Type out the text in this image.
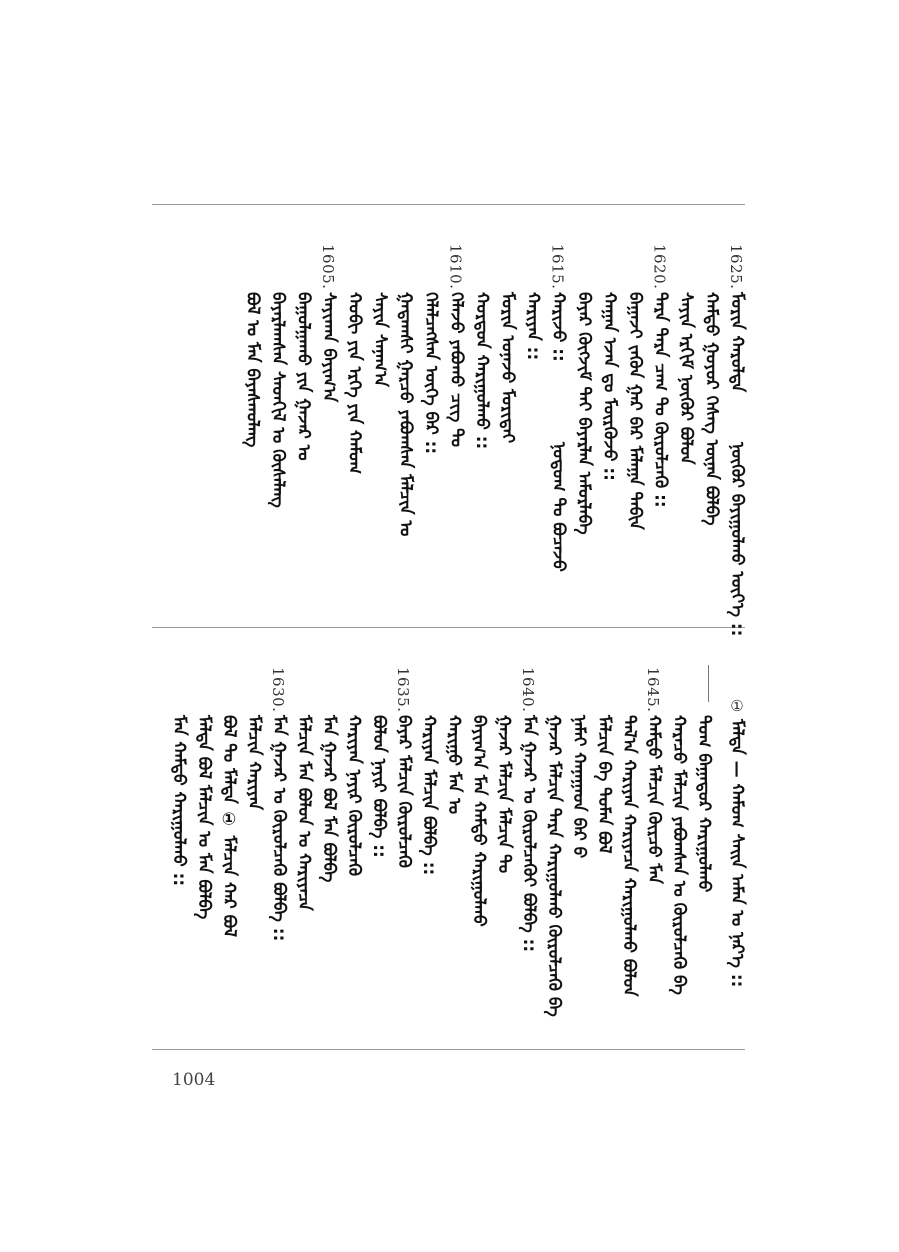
1625.
ᠮᠣᠷᠢᠨ ᠬᠠᠷᠤᠯᠲᠠ
ᠨᠥᠬᠦᠷ ᠪᠠᠶᠢᠭᠤᠯᠬᠤ ᠦᠶ᠎ᠡ ::
ᠬᠠᠮᠲᠤ ᠭᠤᠶᠤᠷ ᠬᠡᠰᠡᠭ ᠦᠨᠡᠨ ᠪᠣᠯᠪᠠ
ᠰᠠᠶᠢᠨ ᠡᠷᠬᠢᠮ ᠨᠥᠬᠦᠷ ᠪᠣᠯᠤᠨ
1620.
ᠲᠡᠷᠡ ᠲᠡᠷᠡ ᠴᠠᠭ ᠲᠤ ᠬᠦᠷᠦᠯᠴᠡᠬᠦ ::
ᠪᠠᠭᠠᠵᠢ ᠵᠡᠭᠦᠨ ᠭᠠᠷ ᠪᠡᠷ ᠮᠠᠯᠠᠭᠠ ᠲᠠᠪᠢᠨ
ᠬᠠᠭᠠᠨ ᠡᠵᠡᠨ ᠳᠤ ᠮᠦᠷᠭᠦᠵᠦ ::
ᠪᠠᠶᠠᠷ ᠬᠥᠭᠵᠢᠮ ᠲᠠᠢ ᠪᠠᠶᠠᠷᠯᠠᠨ ᠠᠮᠤᠷᠯᠠᠪᠠ
1615.
ᠬᠠᠷᠢᠵᠤ ::
ᠨᠤᠲᠤᠭ ᠲᠤ ᠪᠤᠴᠠᠵᠤ
ᠬᠠᠷᠢᠶᠠᠨ ::
ᠮᠣᠷᠢᠨ ᠤᠨᠠᠵᠤ ᠮᠣᠷᠢᠲᠠᠢ
ᠬᠤᠷᠳᠤᠨ ᠬᠠᠷᠢᠭᠤᠯᠬᠤ ::
1610.
ᠬᠡᠯᠡᠵᠦ ᠶᠠᠪᠤᠬᠤ ᠴᠢᠭ ᠲᠤ
ᠬᠡᠯᠡᠯᠴᠡᠭᠰᠡᠨ ᠦᠭᠡ ᠪᠡᠷ ::
ᠭᠠᠳᠠᠭᠰᠢ ᠭᠠᠷᠴᠤ ᠶᠠᠪᠤᠭᠰᠠᠨ ᠮᠠᠯᠴᠢᠨ ᠤ
ᠰᠠᠶᠢᠨ ᠰᠠᠨᠠᠭ᠎ᠠ
ᠬᠤᠪᠢ ᠶᠢᠨ ᠡᠷᠬᠡ ᠶᠢᠨ ᠬᠠᠮᠤᠭ
1605.
ᠰᠠᠶᠢᠬᠠᠨ ᠪᠠᠶᠢᠭ᠎ᠠ
ᠪᠠᠭᠤᠯᠭᠠᠬᠤ ᠶᠢᠨ ᠭᠠᠵᠠᠷ ᠤ
ᠪᠠᠶᠠᠷᠯᠠᠭᠰᠠᠨ ᠰᠡᠳᠬᠢᠯ ᠤ ᠬᠦᠰᠡᠯᠡᠩ
ᠪᠣᠯ ᠤ ᠮᠠᠨ ᠪᠠᠶᠠᠰᠬᠤᠯᠠᠩ
①
ᠮᠠᠯᠲᠠ — ᠬᠠᠮᠤᠭ ᠰᠠᠢᠨ ᠠᠮᠠᠨ ᠤ ᠨᠡᠷ᠎ᠡ ::
ᠲᠤᠭ ᠪᠠᠭᠠᠳᠤᠷ ᠬᠠᠷᠢᠭᠤᠯᠬᠤ
ᠬᠠᠷᠠᠴᠤ ᠮᠠᠯᠴᠢᠨ ᠶᠠᠪᠤᠭᠰᠠᠨ ᠤ ᠬᠦᠷᠦᠯᠴᠡᠬᠦ ᠪᠡ
1645.
ᠬᠠᠮᠲᠤ ᠮᠠᠯᠴᠢᠨ ᠬᠦᠷᠴᠦ ᠮᠠᠨ
ᠲᠠᠯ᠎ᠠ ᠬᠠᠷᠢᠶᠠᠨ ᠬᠠᠷᠢᠶᠠᠴᠠ ᠬᠠᠷᠢᠭᠤᠯᠬᠤ ᠪᠣᠯᠤᠨ
ᠮᠠᠯᠴᠢᠨ ᠪᠠ ᠲᠤᠮᠠᠨ ᠪᠣᠯ
ᠨᠠᠮᠠᠢ ᠬᠠᠨᠠᠭᠠᠳ ᠪᠠᠷ ᠪ
ᠭᠠᠵᠠᠷ ᠮᠠᠯᠴᠢᠨ ᠲᠡᠷᠡ ᠬᠠᠷᠢᠭᠤᠯᠬᠤ ᠬᠦᠷᠦᠯᠴᠡᠬᠦ ᠪᠡ
1640.
ᠮᠠᠨ ᠭᠠᠵᠠᠷ ᠤ ᠬᠦᠷᠦᠯᠴᠡᠬᠦᠢ ᠪᠣᠯᠪᠠ ::
ᠭᠠᠵᠠᠷ ᠮᠠᠯᠴᠢᠨ ᠮᠠᠯᠴᠢᠨ ᠲᠤ
ᠪᠠᠶᠢᠭ᠎ᠠ ᠮᠠᠨ ᠬᠠᠮᠲᠤ ᠬᠠᠷᠢᠭᠤᠯᠬᠤ
ᠬᠠᠷᠢᠭᠤ ᠮᠠᠨ ᠤ
ᠬᠠᠷᠢᠶᠠᠨ ᠮᠠᠯᠴᠢᠨ ᠪᠣᠯᠪᠠ ::
1635.
ᠪᠠᠶᠠᠷ ᠮᠠᠯᠴᠢᠨ ᠬᠦᠷᠦᠯᠴᠡᠬᠦ
ᠪᠣᠯᠤᠨ ᠨᠠᠶᠢᠷ ᠪᠣᠯᠪᠠ ::
ᠬᠠᠷᠢᠶᠠᠨ ᠨᠠᠶᠢᠷ ᠬᠦᠷᠦᠯᠴᠡᠬᠦ
ᠮᠠᠨ ᠭᠠᠵᠠᠷ ᠪᠣᠯ ᠮᠠᠨ ᠪᠣᠯᠪᠠ
ᠮᠠᠯᠴᠢᠨ ᠮᠠᠨ ᠪᠣᠯᠤᠨ ᠤ ᠬᠠᠷᠢᠶᠠᠴᠠ
1630.
ᠮᠠᠨ ᠭᠠᠵᠠᠷ ᠤ ᠬᠦᠷᠦᠯᠴᠡᠬᠦ ᠪᠣᠯᠪᠠ ::
ᠮᠠᠯᠴᠢᠨ ᠬᠠᠷᠢᠶᠠᠨ
ᠪᠣᠯ ᠲᠤ ᠮᠠᠯᠲᠠ ① ᠮᠠᠯᠴᠢᠨ ᠬᠠᠷ ᠪᠣᠯ
ᠮᠠᠯᠲᠠ ᠪᠣᠯ ᠮᠠᠯᠴᠢᠨ ᠤ ᠮᠠᠨ ᠪᠣᠯᠪᠠ
ᠮᠠᠨ ᠬᠠᠮᠲᠤ ᠬᠠᠷᠢᠭᠤᠯᠬᠤ ::
1004
